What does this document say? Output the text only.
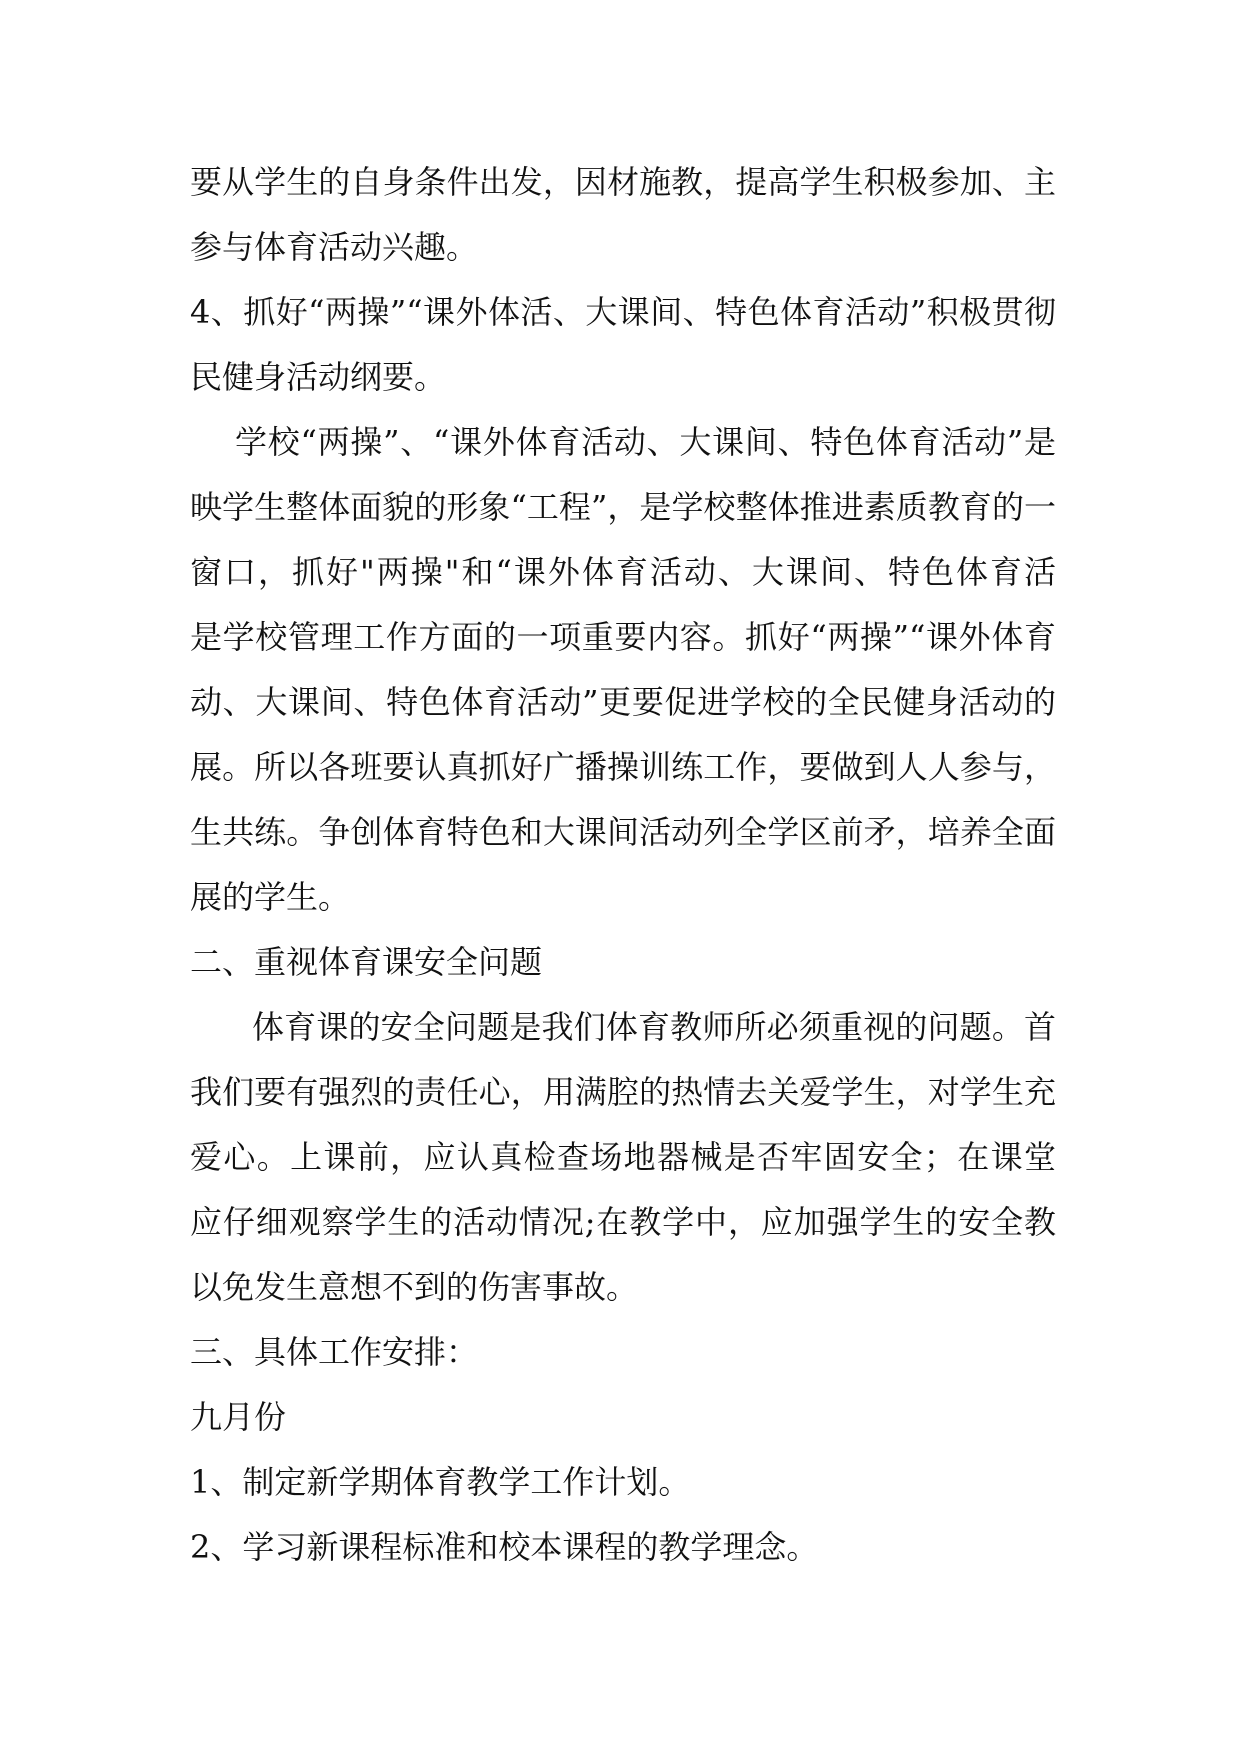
要从学生的自身条件出发，因材施教，提高学生积极参加、主
参与体育活动兴趣。
4、抓好“两操”“课外体活、大课间、特色体育活动”积极贯彻
民健身活动纲要。
学校“两操”、“课外体育活动、大课间、特色体育活动”是
映学生整体面貌的形象“工程”，是学校整体推进素质教育的一
窗口，抓好"两操"和“课外体育活动、大课间、特色体育活
是学校管理工作方面的一项重要内容。抓好“两操”“课外体育
动、大课间、特色体育活动”更要促进学校的全民健身活动的
展。所以各班要认真抓好广播操训练工作，要做到人人参与，
生共练。争创体育特色和大课间活动列全学区前矛，培养全面
展的学生。
二、重视体育课安全问题
体育课的安全问题是我们体育教师所必须重视的问题。首
我们要有强烈的责任心，用满腔的热情去关爱学生，对学生充
爱心。上课前，应认真检查场地器械是否牢固安全；在课堂
应仔细观察学生的活动情况;在教学中，应加强学生的安全教
以免发生意想不到的伤害事故。
三、具体工作安排：
九月份
1、制定新学期体育教学工作计划。
2、学习新课程标准和校本课程的教学理念。
